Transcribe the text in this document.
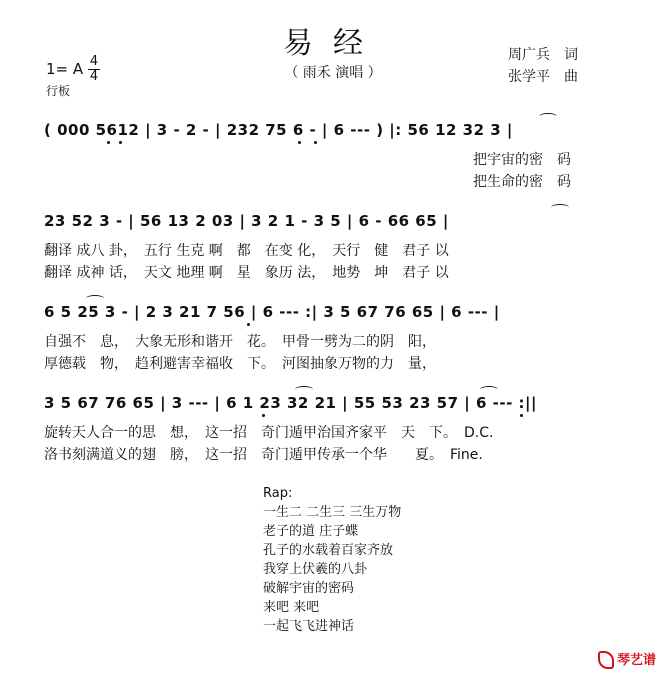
易经
（ 雨禾 演唱 ）
周广兵　词
张学平　曲
1= A 4
4
行板
( 000 5612 | 3 - 2 - | 232 75 6 - | 6 --- ) |: 56 12 32 3 |
把宇宙的密　码
把生命的密　码
23 52 3 - | 56 13 2 03 | 3 2 1 - 3 5 | 6 - 66 65 |
翻译 成八 卦，　五行 生克 啊　都　在变 化，　天行　健　君子 以
翻译 成神 话，　天文 地理 啊　星　象历 法，　地势　坤　君子 以
6 5 25 3 - | 2 3 21 7 56 | 6 --- :| 3 5 67 76 65 | 6 --- |
自强不　息，　大象无形和谐开　花。　甲骨一劈为二的阴　阳，
厚德载　物，　趋利避害幸福收　下。　河图抽象万物的力　量，
3 5 67 76 65 | 3 --- | 6 1 23 32 21 | 55 53 23 57 | 6 --- :||
旋转天人合一的思　想，　这一招　奇门遁甲治国齐家平　天　下。　D.C.
洛书刻满道义的翅　膀，　这一招　奇门遁甲传承一个华　　夏。　Fine.
Rap:
一生二 二生三 三生万物
老子的道 庄子蝶
孔子的水载着百家齐放
我穿上伏羲的八卦
破解宇宙的密码
来吧 来吧
一起飞飞进神话
琴艺谱
